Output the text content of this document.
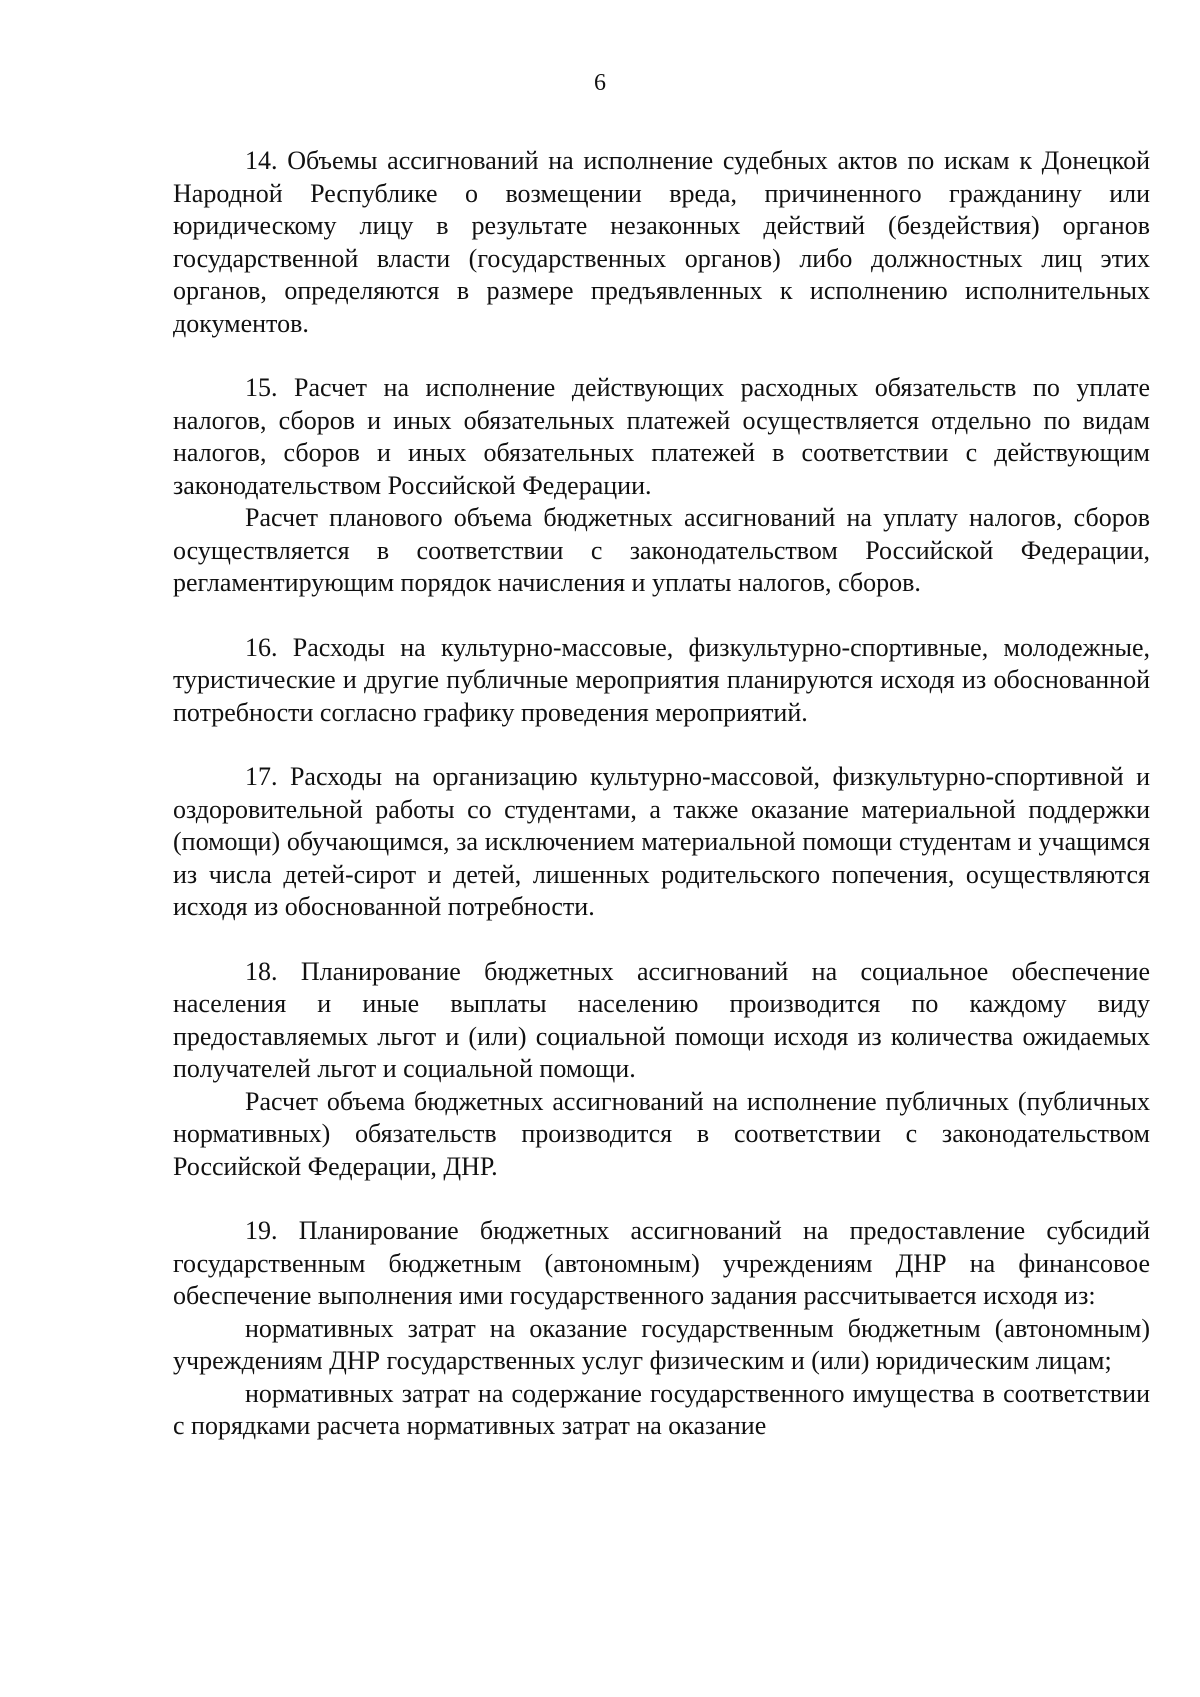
6

14. Объемы ассигнований на исполнение судебных актов по искам к Донецкой Народной Республике о возмещении вреда, причиненного гражданину или юридическому лицу в результате незаконных действий (бездействия) органов государственной власти (государственных органов) либо должностных лиц этих органов, определяются в размере предъявленных к исполнению исполнительных документов.

15. Расчет на исполнение действующих расходных обязательств по уплате налогов, сборов и иных обязательных платежей осуществляется отдельно по видам налогов, сборов и иных обязательных платежей в соответствии с действующим законодательством Российской Федерации.

Расчет планового объема бюджетных ассигнований на уплату налогов, сборов осуществляется в соответствии с законодательством Российской Федерации, регламентирующим порядок начисления и уплаты налогов, сборов.

16. Расходы на культурно-массовые, физкультурно-спортивные, молодежные, туристические и другие публичные мероприятия планируются исходя из обоснованной потребности согласно графику проведения мероприятий.

17. Расходы на организацию культурно-массовой, физкультурно-спортивной и оздоровительной работы со студентами, а также оказание материальной поддержки (помощи) обучающимся, за исключением материальной помощи студентам и учащимся из числа детей-сирот и детей, лишенных родительского попечения, осуществляются исходя из обоснованной потребности.

18. Планирование бюджетных ассигнований на социальное обеспечение населения и иные выплаты населению производится по каждому виду предоставляемых льгот и (или) социальной помощи исходя из количества ожидаемых получателей льгот и социальной помощи.

Расчет объема бюджетных ассигнований на исполнение публичных (публичных нормативных) обязательств производится в соответствии с законодательством Российской Федерации, ДНР.

19. Планирование бюджетных ассигнований на предоставление субсидий государственным бюджетным (автономным) учреждениям ДНР на финансовое обеспечение выполнения ими государственного задания рассчитывается исходя из:

нормативных затрат на оказание государственным бюджетным (автономным) учреждениям ДНР государственных услуг физическим и (или) юридическим лицам;

нормативных затрат на содержание государственного имущества в соответствии с порядками расчета нормативных затрат на оказание
